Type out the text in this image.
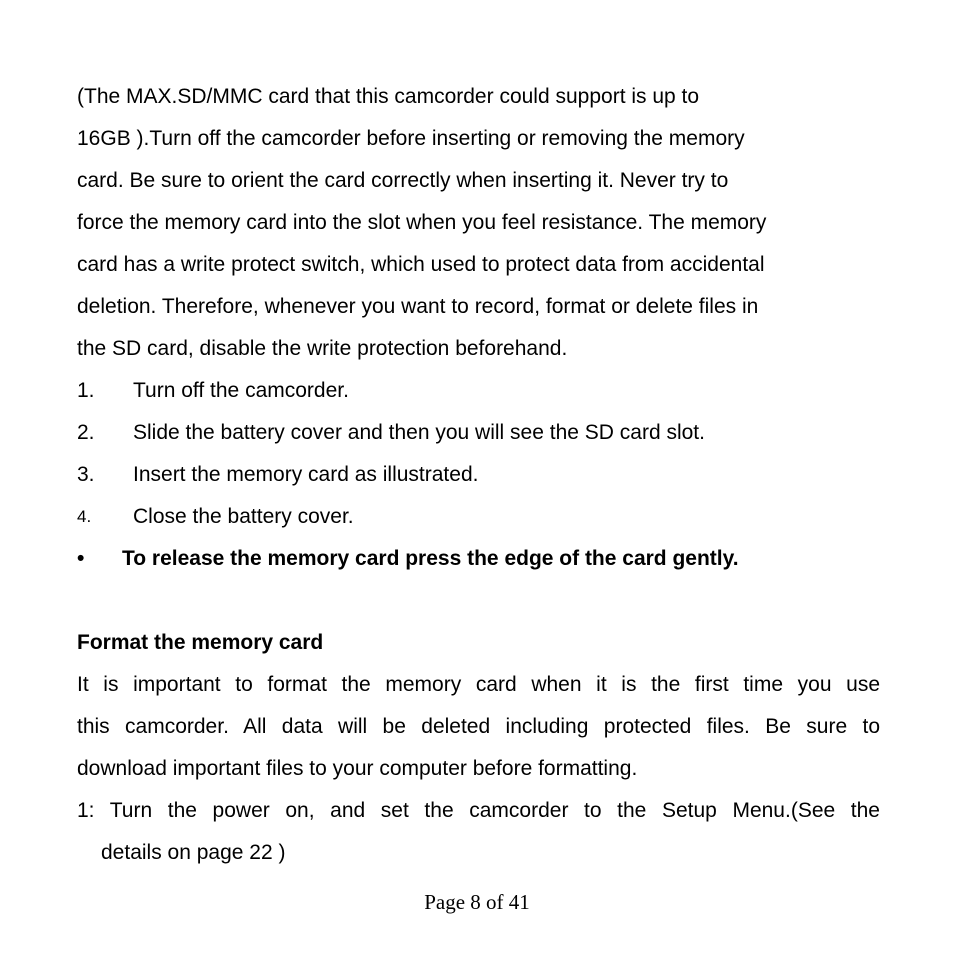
(The MAX.SD/MMC card that this camcorder could support is up to
16GB ).Turn off the camcorder before inserting or removing the memory
card. Be sure to orient the card correctly when inserting it. Never try to
force the memory card into the slot when you feel resistance. The memory
card has a write protect switch, which used to protect data from accidental
deletion. Therefore, whenever you want to record, format or delete files in
the SD card, disable the write protection beforehand.
1.	Turn off the camcorder.
2.	Slide the battery cover and then you will see the SD card slot.
3.	Insert the memory card as illustrated.
4.	Close the battery cover.
•	To release the memory card press the edge of the card gently.
Format the memory card
It is important to format the memory card when it is the first time you use
this camcorder. All data will be deleted including protected files. Be sure to
download important files to your computer before formatting.
1: Turn the power on, and set the camcorder to the Setup Menu.(See the
details on page 22 )
Page 8 of 41
